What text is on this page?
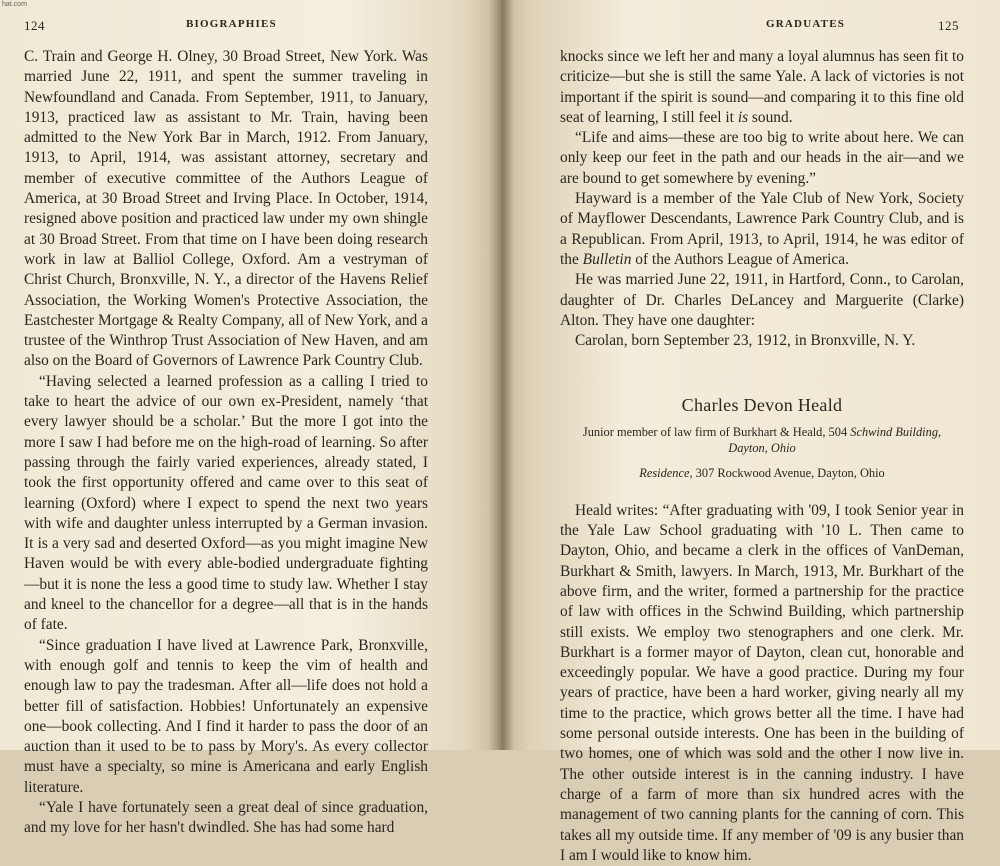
hat.com
124	BIOGRAPHIES

C. Train and George H. Olney, 30 Broad Street, New York. Was married June 22, 1911, and spent the summer traveling in Newfoundland and Canada. From September, 1911, to January, 1913, practiced law as assistant to Mr. Train, having been admitted to the New York Bar in March, 1912. From January, 1913, to April, 1914, was assistant attorney, secretary and member of executive committee of the Authors League of America, at 30 Broad Street and Irving Place. In October, 1914, resigned above position and practiced law under my own shingle at 30 Broad Street. From that time on I have been doing research work in law at Balliol College, Oxford. Am a vestryman of Christ Church, Bronxville, N. Y., a director of the Havens Relief Association, the Working Women's Protective Association, the Eastchester Mortgage & Realty Company, all of New York, and a trustee of the Winthrop Trust Association of New Haven, and am also on the Board of Governors of Lawrence Park Country Club.

“Having selected a learned profession as a calling I tried to take to heart the advice of our own ex-President, namely ‘that every lawyer should be a scholar.’ But the more I got into the more I saw I had before me on the high-road of learning. So after passing through the fairly varied experiences, already stated, I took the first opportunity offered and came over to this seat of learning (Oxford) where I expect to spend the next two years with wife and daughter unless interrupted by a German invasion. It is a very sad and deserted Oxford—as you might imagine New Haven would be with every able-bodied undergraduate fighting—but it is none the less a good time to study law. Whether I stay and kneel to the chancellor for a degree—all that is in the hands of fate.

“Since graduation I have lived at Lawrence Park, Bronxville, with enough golf and tennis to keep the vim of health and enough law to pay the tradesman. After all—life does not hold a better fill of satisfaction. Hobbies! Unfortunately an expensive one—book collecting. And I find it harder to pass the door of an auction than it used to be to pass by Mory's. As every collector must have a specialty, so mine is Americana and early English literature.

“Yale I have fortunately seen a great deal of since graduation, and my love for her hasn't dwindled. She has had some hard

GRADUATES	125

knocks since we left her and many a loyal alumnus has seen fit to criticize—but she is still the same Yale. A lack of victories is not important if the spirit is sound—and comparing it to this fine old seat of learning, I still feel it is sound.

“Life and aims—these are too big to write about here. We can only keep our feet in the path and our heads in the air—and we are bound to get somewhere by evening.”

Hayward is a member of the Yale Club of New York, Society of Mayflower Descendants, Lawrence Park Country Club, and is a Republican. From April, 1913, to April, 1914, he was editor of the Bulletin of the Authors League of America.

He was married June 22, 1911, in Hartford, Conn., to Carolan, daughter of Dr. Charles DeLancey and Marguerite (Clarke) Alton. They have one daughter:

Carolan, born September 23, 1912, in Bronxville, N. Y.

Charles Devon Heald

Junior member of law firm of Burkhart & Heald, 504 Schwind Building,
Dayton, Ohio

Residence, 307 Rockwood Avenue, Dayton, Ohio

Heald writes: “After graduating with '09, I took Senior year in the Yale Law School graduating with '10 L. Then came to Dayton, Ohio, and became a clerk in the offices of VanDeman, Burkhart & Smith, lawyers. In March, 1913, Mr. Burkhart of the above firm, and the writer, formed a partnership for the practice of law with offices in the Schwind Building, which partnership still exists. We employ two stenographers and one clerk. Mr. Burkhart is a former mayor of Dayton, clean cut, honorable and exceedingly popular. We have a good practice. During my four years of practice, have been a hard worker, giving nearly all my time to the practice, which grows better all the time. I have had some personal outside interests. One has been in the building of two homes, one of which was sold and the other I now live in. The other outside interest is in the canning industry. I have charge of a farm of more than six hundred acres with the management of two canning plants for the canning of corn. This takes all my outside time. If any member of '09 is any busier than I am I would like to know him.
